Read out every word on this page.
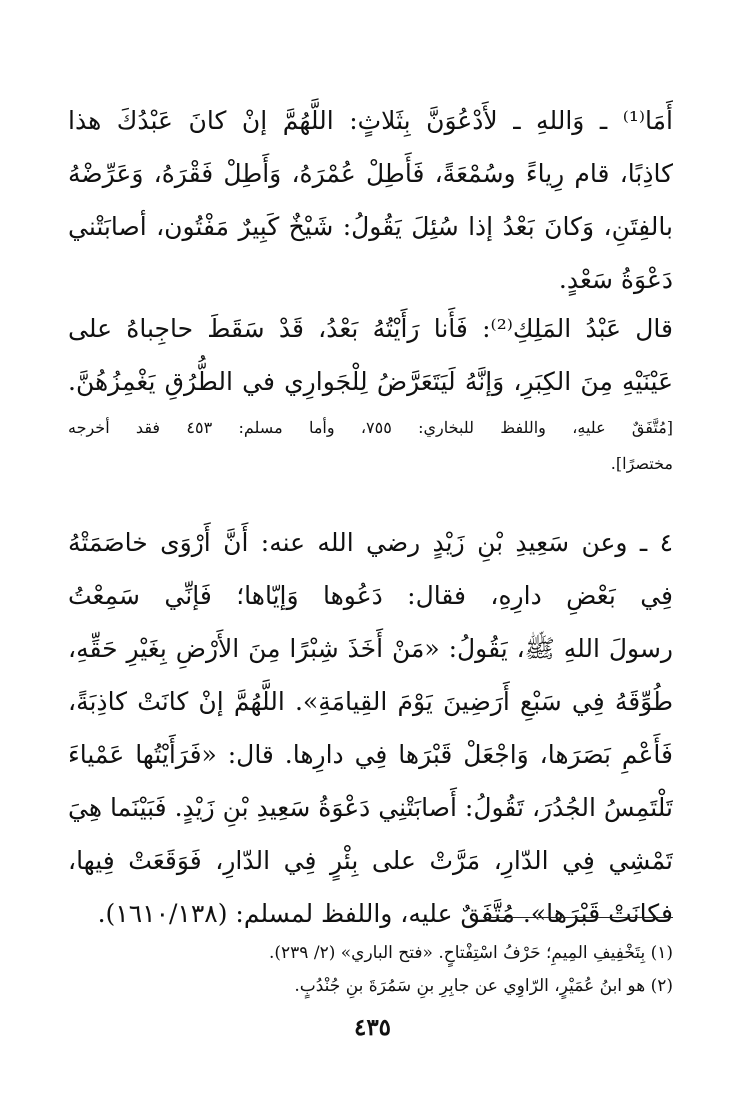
أَمَا⁽¹⁾ ـ وَاللهِ ـ لأَدْعُوَنَّ بِثَلاثٍ: اللَّهُمَّ إنْ كانَ عَبْدُكَ هذا
كاذِبًا، قام رِياءً وسُمْعَةً، فَأَطِلْ عُمْرَهُ، وَأَطِلْ فَقْرَهُ، وَعَرِّضْهُ
بالفِتَنِ، وَكانَ بَعْدُ إذا سُئِلَ يَقُولُ: شَيْخٌ كَبِيرٌ مَفْتُون، أصابَتْني
دَعْوَةُ سَعْدٍ.
قال عَبْدُ المَلِكِ⁽²⁾: فَأَنا رَأَيْتُهُ بَعْدُ، قَدْ سَقَطَ حاجِباهُ على
عَيْنَيْهِ مِنَ الكِبَرِ، وَإنَّهُ لَيَتَعَرَّضُ لِلْجَوارِي في الطُّرُقِ يَغْمِزُهُنَّ.
[مُتَّفَقٌ عليهِ، واللفظ للبخاري: ٧٥٥، وأما مسلم: ٤٥٣ فقد أخرجه
مختصرًا].
٤ ـ وعن سَعِيدِ بْنِ زَيْدٍ رضي الله عنه: أَنَّ أَرْوَى خاصَمَتْهُ
فِي بَعْضِ دارِهِ، فقال: دَعُوها وَإيّاها؛ فَإنِّي سَمِعْتُ
رسولَ اللهِ ﷺ، يَقُولُ: «مَنْ أَخَذَ شِبْرًا مِنَ الأَرْضِ بِغَيْرِ حَقِّهِ،
طُوِّقَهُ فِي سَبْعِ أَرَضِينَ يَوْمَ القِيامَةِ». اللَّهُمَّ إنْ كانَتْ كاذِبَةً،
فَأَعْمِ بَصَرَها، وَاجْعَلْ قَبْرَها فِي دارِها. قال: «فَرَأَيْتُها عَمْياءَ
تَلْتَمِسُ الجُدُرَ، تَقُولُ: أَصابَتْنِي دَعْوَةُ سَعِيدِ بْنِ زَيْدٍ. فَبَيْنَما هِيَ
تَمْشِي فِي الدّارِ، مَرَّتْ على بِئْرٍ فِي الدّارِ، فَوَقَعَتْ فِيها،
فكانَتْ قَبْرَها». مُتَّفَقٌ عليه، واللفظ لمسلم: (١٦١٠/١٣٨).
(١) بِتَخْفِيفِ المِيمِ؛ حَرْفُ اسْتِفْتاحٍ. «فتح الباري» (٢/ ٢٣٩).
(٢) هو ابنُ عُمَيْرٍ، الرّاوِي عن جابِرِ بنِ سَمُرَةَ بنِ جُنْدُبٍ.
٤٣٥
